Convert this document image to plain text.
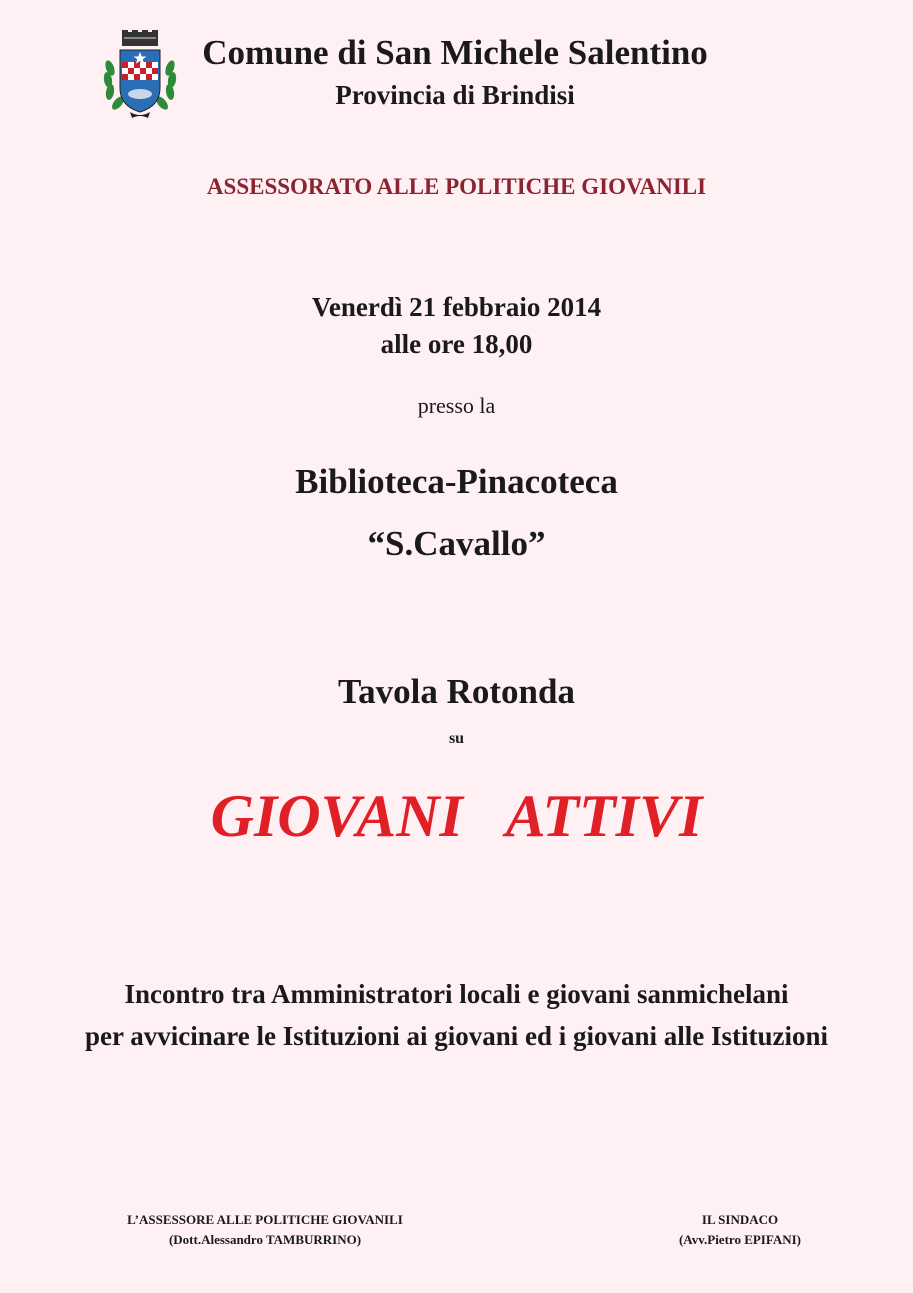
Comune di San Michele Salentino
Provincia di Brindisi
ASSESSORATO ALLE POLITICHE GIOVANILI
Venerdì 21 febbraio 2014
alle ore 18,00
presso la
Biblioteca-Pinacoteca
“S.Cavallo”
Tavola Rotonda
su
GIOVANI   ATTIVI
Incontro tra Amministratori locali e giovani sanmichelani
per avvicinare le Istituzioni ai giovani ed i giovani alle Istituzioni
L’ASSESSORE ALLE POLITICHE GIOVANILI
(Dott.Alessandro TAMBURRINO)
IL SINDACO
(Avv.Pietro EPIFANI)
